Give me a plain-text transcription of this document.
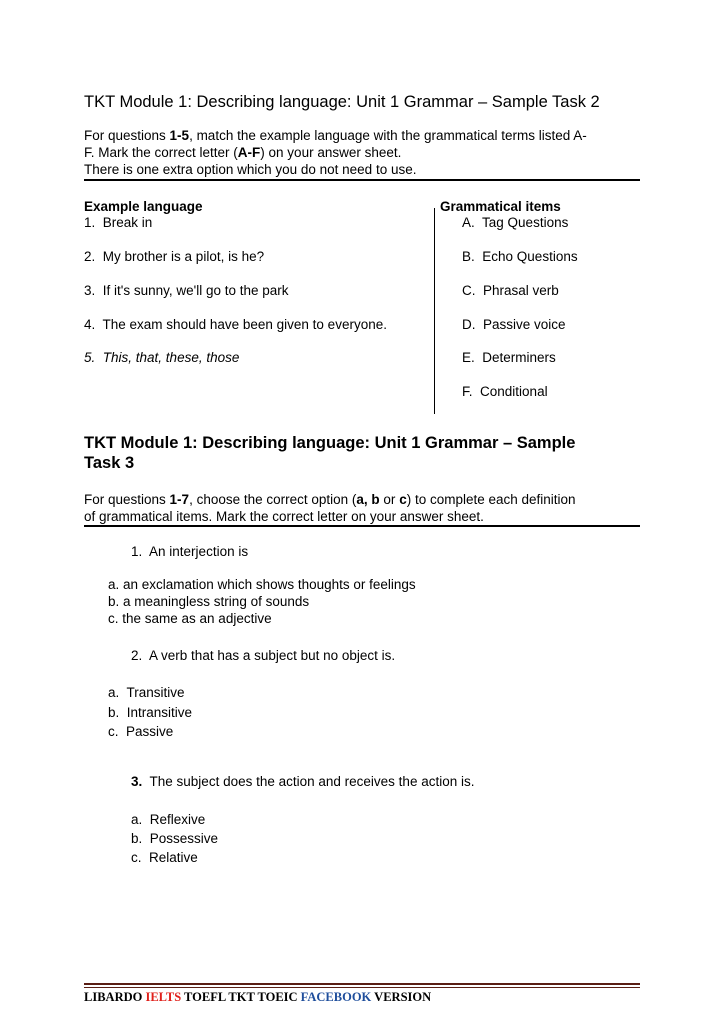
TKT Module 1: Describing language: Unit 1 Grammar – Sample Task 2
For questions 1-5, match the example language with the grammatical terms listed A-
F. Mark the correct letter (A-F) on your answer sheet.
There is one extra option which you do not need to use.
Example language	Grammatical items
1. Break in
2. My brother is a pilot, is he?
3. If it's sunny, we'll go to the park
4. The exam should have been given to everyone.
5. This, that, these, those
A. Tag Questions
B. Echo Questions
C. Phrasal verb
D. Passive voice
E. Determiners
F. Conditional
TKT Module 1: Describing language: Unit 1 Grammar – Sample
Task 3
For questions 1-7, choose the correct option (a, b or c) to complete each definition
of grammatical items. Mark the correct letter on your answer sheet.
1. An interjection is
a. an exclamation which shows thoughts or feelings
b. a meaningless string of sounds
c. the same as an adjective
2. A verb that has a subject but no object is.
a. Transitive
b. Intransitive
c. Passive
3. The subject does the action and receives the action is.
a. Reflexive
b. Possessive
c. Relative
LIBARDO IELTS TOEFL TKT TOEIC FACEBOOK VERSION
